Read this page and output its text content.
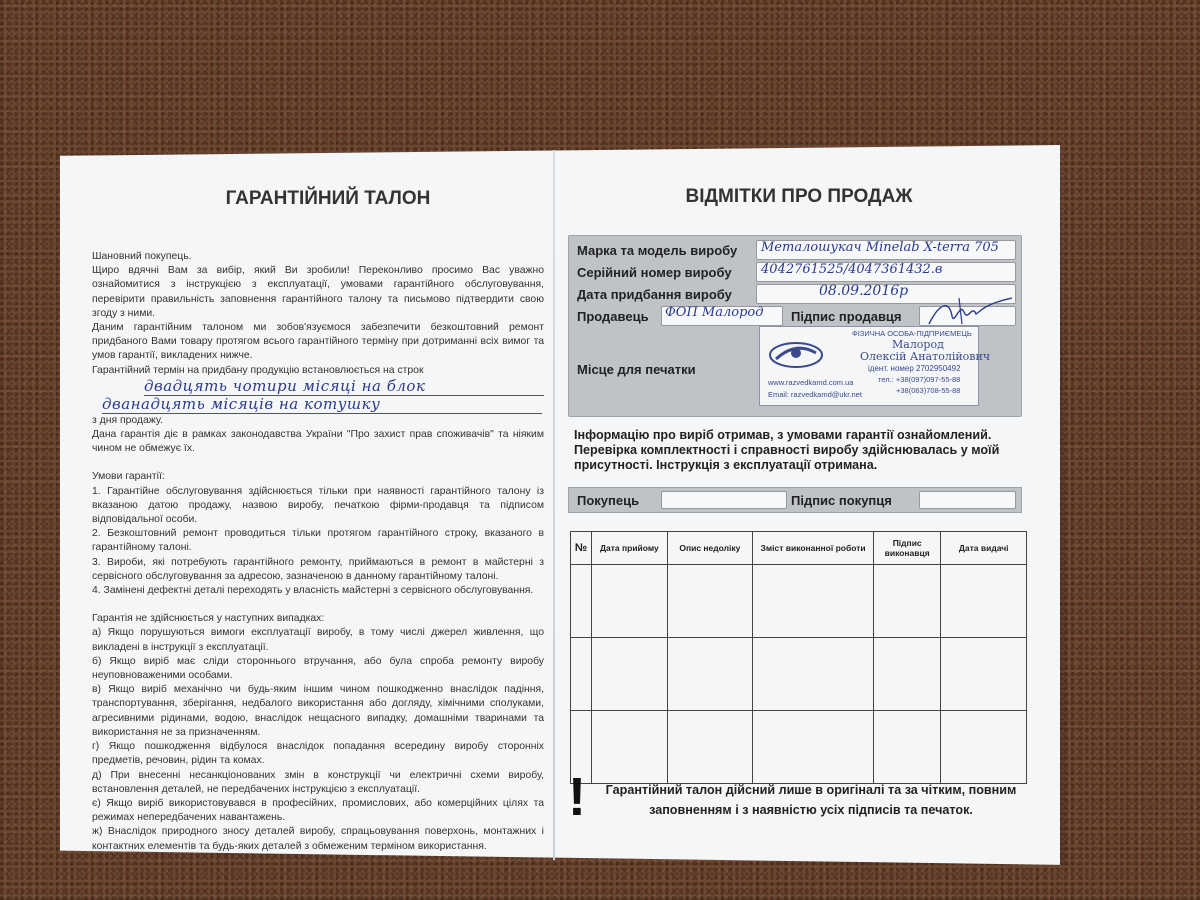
ГАРАНТІЙНИЙ ТАЛОН

Шановний покупець.

Щиро вдячні Вам за вибір, який Ви зробили! Переконливо просимо Вас уважно ознайомитися з інструкцією з експлуатації, умовами гарантійного обслуговування, перевірити правильність заповнення гарантійного талону та письмово підтвердити свою згоду з ними.

Даним гарантійним талоном ми зобов'язуємося забезпечити безкоштовний ремонт придбаного Вами товару протягом всього гарантійного терміну при дотриманні всіх вимог та умов гарантії, викладених нижче.

Гарантійний термін на придбану продукцію встановлюється на строк

двадцять чотири місяці на блок
дванадцять місяців на котушку

з дня продажу.

Дана гарантія діє в рамках законодавства України "Про захист прав споживачів" та ніяким чином не обмежує їх.

Умови гарантії:

1. Гарантійне обслуговування здійснюється тільки при наявності гарантійного талону із вказаною датою продажу, назвою виробу, печаткою фірми-продавця та підписом відповідальної особи.

2. Безкоштовний ремонт проводиться тільки протягом гарантійного строку, вказаного в гарантійному талоні.

3. Вироби, які потребують гарантійного ремонту, приймаються в ремонт в майстерні з сервісного обслуговування за адресою, зазначеною в данному гарантійному талоні.

4. Замінені дефектні деталі переходять у власність майстерні з сервісного обслуговування.

Гарантія не здійснюється у наступних випадках:

а) Якщо порушуються вимоги експлуатації виробу, в тому числі джерел живлення, що викладені в інструкції з експлуатації.

б) Якщо виріб має сліди стороннього втручання, або була спроба ремонту виробу неуповноваженими особами.

в) Якщо виріб механічно чи будь-яким іншим чином пошкодженно внаслідок падіння, транспортування, зберігання, недбалого використання або догляду, хімічними сполуками, агресивними рідинами, водою, внаслідок нещасного випадку, домашніми тваринами та використання не за призначенням.

г) Якщо пошкодження відбулося внаслідок попадання всередину виробу сторонніх предметів, речовин, рідин та комах.

д) При внесенні несанкціонованих змін в конструкції чи електричні схеми виробу, встановлення деталей, не передбачених інструкцією з експлуатації.

є) Якщо виріб використовувався в професійних, промислових, або комерційних цілях та режимах непередбачених навантажень.

ж) Внаслідок природного зносу деталей виробу, спрацьовування поверхонь, монтажних і контактних елементів та будь-яких деталей з обмеженим терміном використання.

ВІДМІТКИ ПРО ПРОДАЖ
Марка та модель виробу Металошукач Minelab X-terra 705
Серійний номер виробу 4042761525/4047361432.в
Дата придбання виробу	08.09.2016р
Продавець ФОП Малород Підпис продавця
Місце для печатки
ФІЗИЧНА ОСОБА-ПІДПРИЄМЕЦЬ
Малород
Олексій Анатолійович
ідент. номер 2702950492
www.razvedkamd.com.ua	тел.: +38(097)097-55-88
Email: razvedkamd@ukr.net	+38(063)708-55-88
Інформацію про виріб отримав, з умовами гарантії ознайомлений. Перевірка комплектності і справності виробу здійснювалась у моїй присутності. Інструкція з експлуатації отримана.
Покупець	Підпис покупця
№	Дата прийому	Опис недоліку	Зміст виконанної роботи	Підпис виконавця	Дата видачі

!	Гарантійний талон дійсний лише в оригіналі та за чітким, повним заповненням і з наявністю усіх підписів та печаток.
